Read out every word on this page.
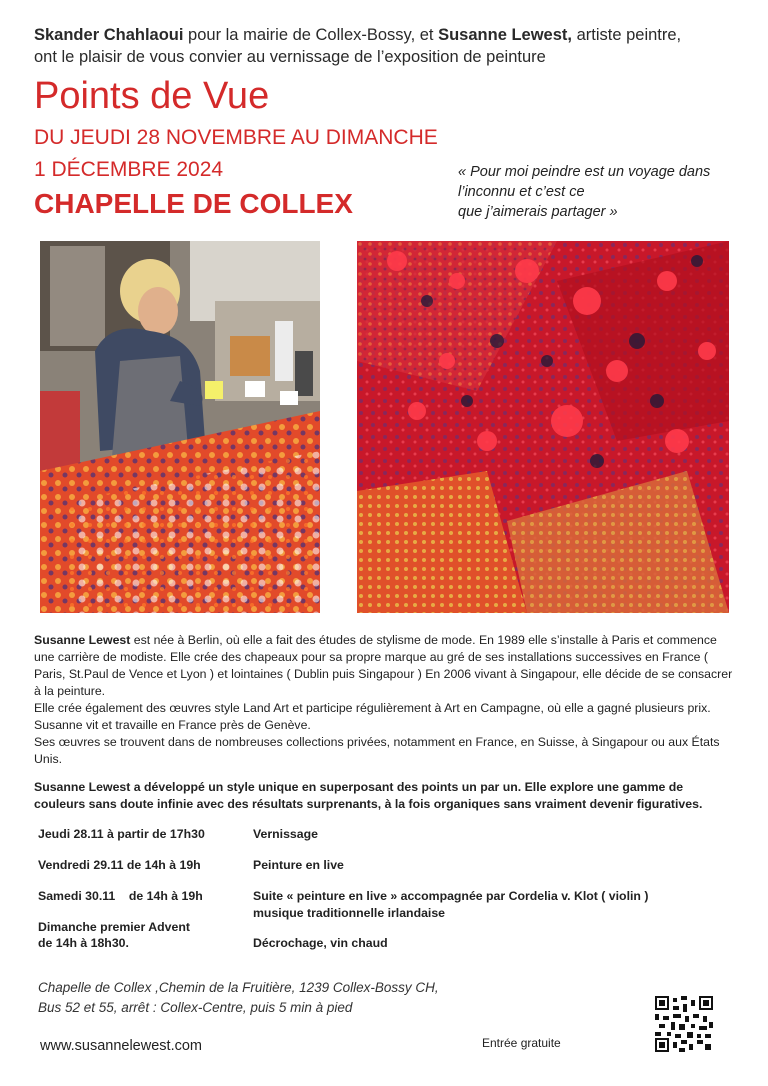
Skander Chahlaoui pour la mairie de Collex-Bossy, et Susanne Lewest, artiste peintre,
ont le plaisir de vous convier au vernissage de l’exposition de peinture
Points de Vue
DU JEUDI 28 NOVEMBRE AU DIMANCHE
1 DÉCEMBRE 2024
CHAPELLE DE COLLEX
« Pour moi peindre est un voyage dans
l’inconnu et c’est ce
que j’aimerais partager »

Susanne Lewest est née à Berlin, où elle a fait des études de stylisme de mode. En 1989 elle s’installe à Paris et commence une carrière de modiste. Elle crée des chapeaux pour sa propre marque au gré de ses installations successives en France ( Paris, St.Paul de Vence et Lyon ) et lointaines ( Dublin puis Singapour ) En 2006 vivant à Singapour, elle décide de se consacrer à la peinture.

Elle crée également des œuvres style Land Art et participe régulièrement à Art en Campagne, où elle a gagné plusieurs prix.

Susanne vit et travaille en France près de Genève.

Ses œuvres se trouvent dans de nombreuses collections privées, notamment en France, en Suisse, à Singapour ou aux États Unis.

Susanne Lewest a développé un style unique en superposant des points un par un. Elle explore une gamme de couleurs sans doute infinie avec des résultats surprenants, à la fois organiques sans vraiment devenir figuratives.
Jeudi 28.11 à partir de 17h30	Vernissage
Vendredi 29.11 de 14h à 19h	Peinture en live
Samedi 30.11    de 14h à 19h	Suite « peinture en live » accompagnée par Cordelia v. Klot ( violin )
musique traditionnelle irlandaise
Dimanche premier Advent
de 14h à 18h30.	Décrochage, vin chaud
Chapelle de Collex ,Chemin de la Fruitière, 1239 Collex-Bossy CH,
Bus 52 et 55, arrêt : Collex-Centre, puis 5 min à pied
www.susannelewest.com	Entrée gratuite
